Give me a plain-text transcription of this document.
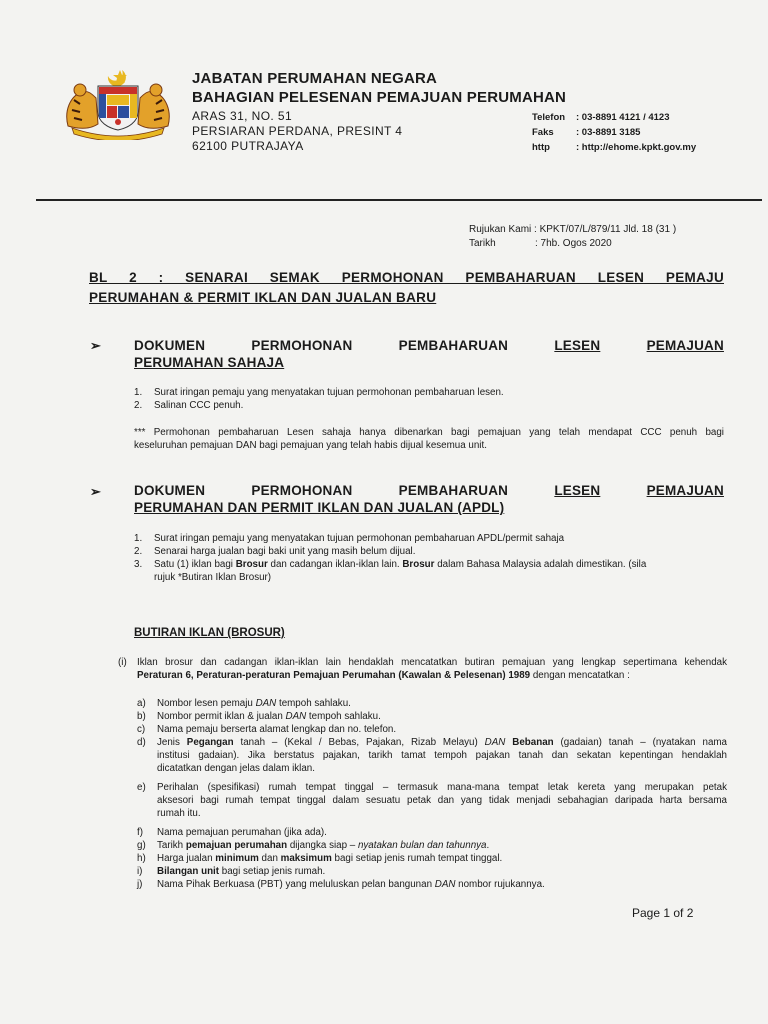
JABATAN PERUMAHAN NEGARA
BAHAGIAN PELESENAN PEMAJUAN PERUMAHAN
ARAS 31, NO. 51
PERSIARAN PERDANA, PRESINT 4
62100 PUTRAJAYA
Telefon : 03-8891 4121 / 4123
Faks : 03-8891 3185
http	: http://ehome.kpkt.gov.my
Rujukan Kami : KPKT/07/L/879/11 Jld. 18 (31 )
Tarikh	: 7hb. Ogos 2020
BL 2 : SENARAI SEMAK PERMOHONAN PEMBAHARUAN LESEN PEMAJU
PERUMAHAN & PERMIT IKLAN DAN JUALAN BARU
➢ DOKUMEN	PERMOHONAN	PEMBAHARUAN	LESEN	PEMAJUAN
PERUMAHAN SAHAJA
1. Surat iringan pemaju yang menyatakan tujuan permohonan pembaharuan lesen.
2. Salinan CCC penuh.
*** Permohonan pembaharuan Lesen sahaja hanya dibenarkan bagi pemajuan yang telah mendapat CCC penuh bagi
keseluruhan pemajuan DAN bagi pemajuan yang telah habis dijual kesemua unit.
➢ DOKUMEN	PERMOHONAN	PEMBAHARUAN	LESEN	PEMAJUAN
PERUMAHAN DAN PERMIT IKLAN DAN JUALAN (APDL)
1. Surat iringan pemaju yang menyatakan tujuan permohonan pembaharuan APDL/permit sahaja
2. Senarai harga jualan bagi baki unit yang masih belum dijual.
3. Satu (1) iklan bagi Brosur dan cadangan iklan-iklan lain. Brosur dalam Bahasa Malaysia adalah dimestikan. (sila
rujuk *Butiran Iklan Brosur)
BUTIRAN IKLAN (BROSUR)
(i) Iklan brosur dan cadangan iklan-iklan lain hendaklah mencatatkan butiran pemajuan yang lengkap sepertimana kehendak
Peraturan 6, Peraturan-peraturan Pemajuan Perumahan (Kawalan & Pelesenan) 1989 dengan mencatatkan :
a) Nombor lesen pemaju DAN tempoh sahlaku.
b) Nombor permit iklan & jualan DAN tempoh sahlaku.
c) Nama pemaju berserta alamat lengkap dan no. telefon.
d)	Jenis Pegangan tanah – (Kekal / Bebas, Pajakan, Rizab Melayu) DAN Bebanan (gadaian) tanah – (nyatakan nama
institusi gadaian). Jika berstatus pajakan, tarikh tamat tempoh pajakan tanah dan sekatan kepentingan hendaklah
dicatatkan dengan jelas dalam iklan.
e)	Perihalan (spesifikasi) rumah tempat tinggal – termasuk mana-mana tempat letak kereta yang merupakan petak
aksesori bagi rumah tempat tinggal dalam sesuatu petak dan yang tidak menjadi sebahagian daripada harta bersama
rumah itu.
f) Nama pemajuan perumahan (jika ada).
g) Tarikh pemajuan perumahan dijangka siap – nyatakan bulan dan tahunnya.
h) Harga jualan minimum dan maksimum bagi setiap jenis rumah tempat tinggal.
i) Bilangan unit bagi setiap jenis rumah.
j) Nama Pihak Berkuasa (PBT) yang meluluskan pelan bangunan DAN nombor rujukannya.
Page 1 of 2
